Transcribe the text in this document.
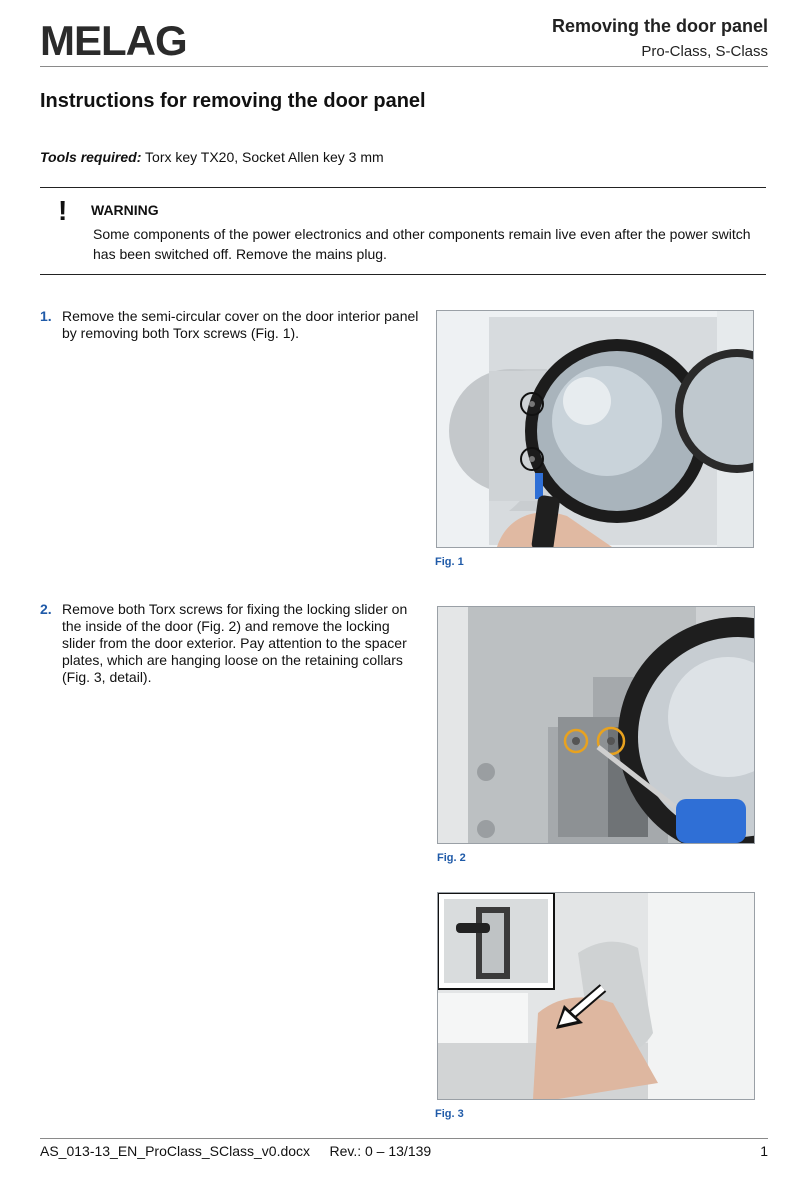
MELAG	Removing the door panel
Pro-Class, S-Class
Instructions for removing the door panel
Tools required: Torx key TX20, Socket Allen key 3 mm
! WARNING
Some components of the power electronics and other components remain live even after the power switch has been switched off. Remove the mains plug.
1. Remove the semi-circular cover on the door interior panel by removing both Torx screws (Fig. 1).
Fig. 1
2. Remove both Torx screws for fixing the locking slider on the inside of the door (Fig. 2) and remove the locking slider from the door exterior. Pay attention to the spacer plates, which are hanging loose on the retaining collars (Fig. 3, detail).
Fig. 2
Fig. 3
AS_013-13_EN_ProClass_SClass_v0.docx     Rev.: 0 – 13/139	1
